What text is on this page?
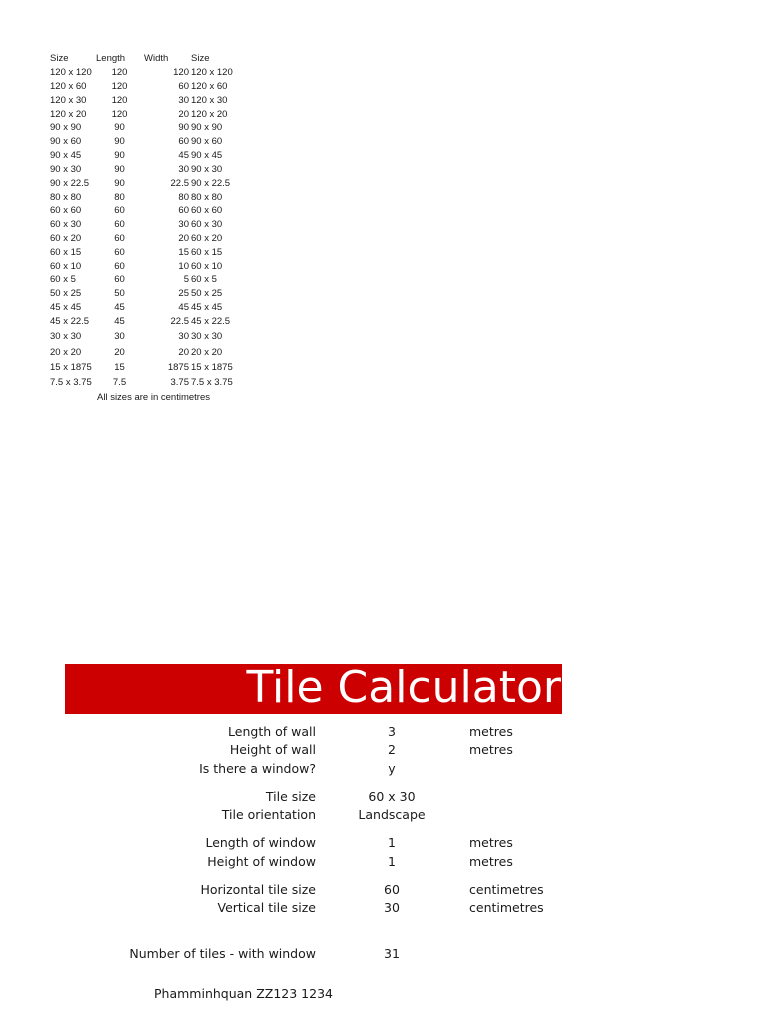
Size	Length Width Size
120 x 120	120	120 120 x 120
120 x 60	120	60 120 x 60
120 x 30	120	30 120 x 30
120 x 20	120	20 120 x 20
90 x 90	90	90 90 x 90
90 x 60	90	60 90 x 60
90 x 45	90	45 90 x 45
90 x 30	90	30 90 x 30
90 x 22.5	90	22.5 90 x 22.5
80 x 80	80	80 80 x 80
60 x 60	60	60 60 x 60
60 x 30	60	30 60 x 30
60 x 20	60	20 60 x 20
60 x 15	60	15 60 x 15
60 x 10	60	10 60 x 10
60 x 5	60	5 60 x 5
50 x 25	50	25 50 x 25
45 x 45	45	45 45 x 45
45 x 22.5	45	22.5 45 x 22.5
30 x 30	30	30 30 x 30
20 x 20	20	20 20 x 20
15 x 1875	15	1875 15 x 1875
7.5 x 3.75	7.5	3.75 7.5 x 3.75
All sizes are in centimetres
Tile Calculator
Length of wall	3	metres
Height of wall	2	metres
Is there a window?	y
Tile size	60 x 30
Tile orientation	Landscape
Length of window	1	metres
Height of window	1	metres
Horizontal tile size	60	centimetres
Vertical tile size	30	centimetres
Number of tiles - with window	31
Phamminhquan ZZ123 1234
